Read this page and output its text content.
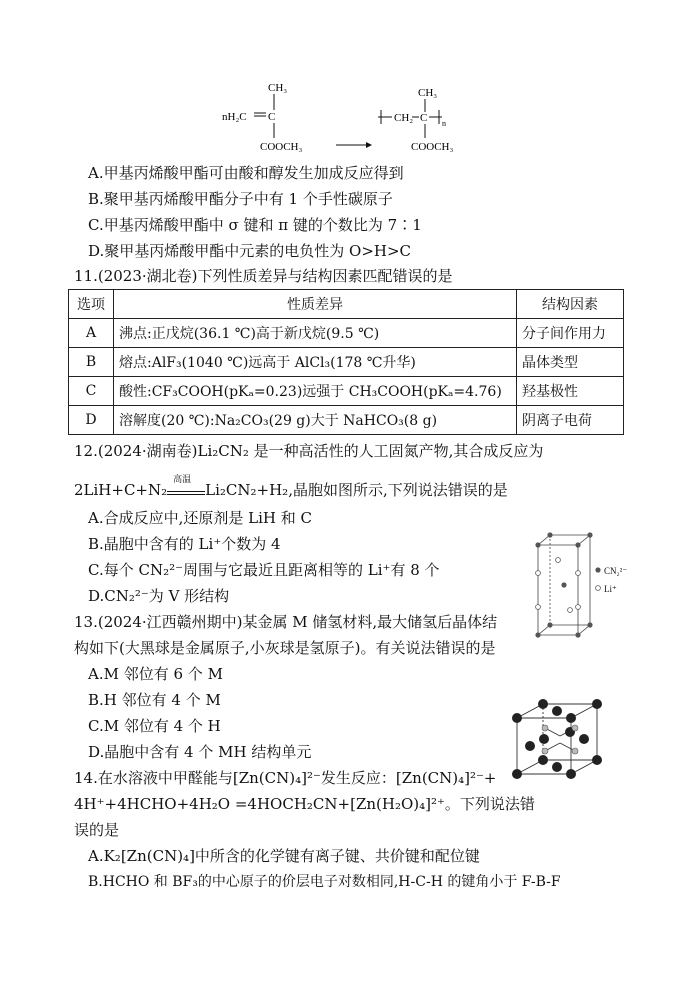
CH₃
nH₂C C
COOCH₃
CH₃
CH₂ C n
COOCH₃
A.甲基丙烯酸甲酯可由酸和醇发生加成反应得到
B.聚甲基丙烯酸甲酯分子中有 1 个手性碳原子
C.甲基丙烯酸甲酯中 σ 键和 π 键的个数比为 7∶1
D.聚甲基丙烯酸甲酯中元素的电负性为 O>H>C
11.(2023·湖北卷)下列性质差异与结构因素匹配错误的是
选项	性质差异	结构因素
A	沸点:正戊烷(36.1 ℃)高于新戊烷(9.5 ℃)	分子间作用力
B	熔点:AlF₃(1040 ℃)远高于 AlCl₃(178 ℃升华)	晶体类型
C	酸性:CF₃COOH(pKₐ=0.23)远强于 CH₃COOH(pKₐ=4.76)	羟基极性
D	溶解度(20 ℃):Na₂CO₃(29 g)大于 NaHCO₃(8 g)	阴离子电荷
12.(2024·湖南卷)Li₂CN₂ 是一种高活性的人工固氮产物,其合成反应为
2LiH+C+N₂
高温
Li₂CN₂+H₂,晶胞如图所示,下列说法错误的是
A.合成反应中,还原剂是 LiH 和 C
B.晶胞中含有的 Li⁺个数为 4
C.每个 CN₂²⁻周围与它最近且距离相等的 Li⁺有 8 个
D.CN₂²⁻为 V 形结构
CN₂²⁻
Li⁺
13.(2024·江西赣州期中)某金属 M 储氢材料,最大储氢后晶体结
构如下(大黑球是金属原子,小灰球是氢原子)。有关说法错误的是
A.M 邻位有 6 个 M
B.H 邻位有 4 个 M
C.M 邻位有 4 个 H
D.晶胞中含有 4 个 MH 结构单元
14.在水溶液中甲醛能与[Zn(CN)₄]²⁻发生反应：[Zn(CN)₄]²⁻+
4H⁺+4HCHO+4H₂O =4HOCH₂CN+[Zn(H₂O)₄]²⁺。下列说法错
误的是
A.K₂[Zn(CN)₄]中所含的化学键有离子键、共价键和配位键
B.HCHO 和 BF₃的中心原子的价层电子对数相同,H-C-H 的键角小于 F-B-F
